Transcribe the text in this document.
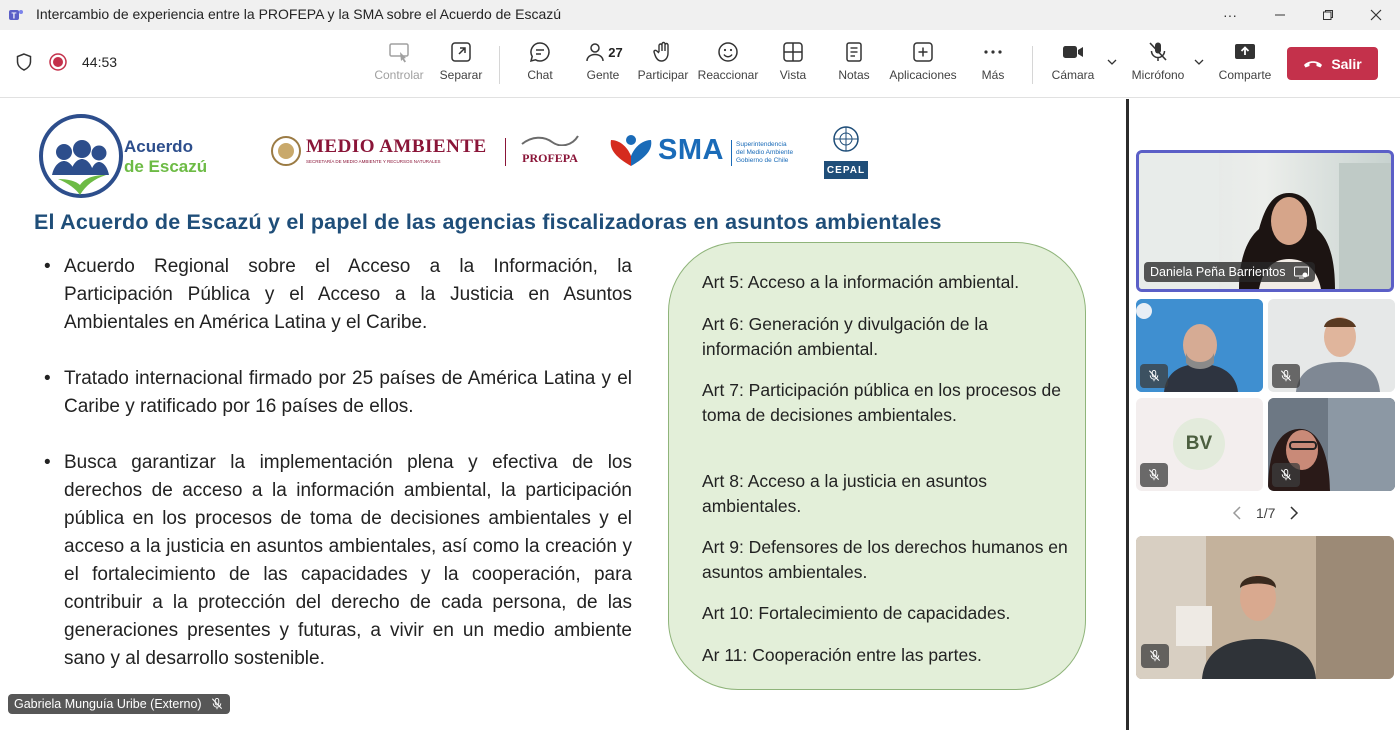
T Intercambio de experiencia entre la PROFEPA y la SMA sobre el Acuerdo de Escazú	···
44:53
Controlar Separar	Chat
27
Gente Participar Reaccionar Vista	Notas Aplicaciones Más	Cámara	Micrófono	Comparte
Salir
Acuerdo
de Escazú
MEDIO AMBIENTE
SECRETARÍA DE MEDIO AMBIENTE Y RECURSOS NATURALES	PROFEPA	SMA Superintendencia
del Medio Ambiente
Gobierno de Chile
CEPAL
El Acuerdo de Escazú y el papel de las agencias fiscalizadoras en asuntos ambientales

• Acuerdo Regional sobre el Acceso a la Información, la Participación Pública y el Acceso a la Justicia en Asuntos Ambientales en América Latina y el Caribe.

• Tratado internacional firmado por 25 países de América Latina y el Caribe y ratificado por 16 países de ellos.

• Busca garantizar la implementación plena y efectiva de los derechos de acceso a la información ambiental, la participación pública en los procesos de toma de decisiones ambientales y el acceso a la justicia en asuntos ambientales, así como la creación y el fortalecimiento de las capacidades y la cooperación, para contribuir a la protección del derecho de cada persona, de las generaciones presentes y futuras, a vivir en un medio ambiente sano y al desarrollo sostenible.

Art 5: Acceso a la información ambiental.
Art 6: Generación y divulgación de la información ambiental.
Art 7: Participación pública en los procesos de toma de decisiones ambientales.
Art 8: Acceso a la justicia en asuntos ambientales.
Art 9: Defensores de los derechos humanos en asuntos ambientales.
Art 10: Fortalecimiento de capacidades.
Ar 11: Cooperación entre las partes.
Gabriela Munguía Uribe (Externo)
Daniela Peña Barrientos
BV
1/7
